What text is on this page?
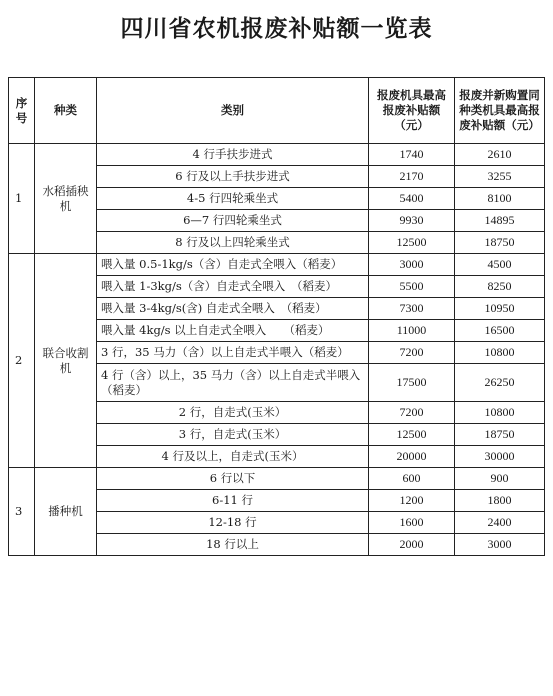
四川省农机报废补贴额一览表
序号	种类	类别	报废机具最高报废补贴额（元）	报废并新购置同种类机具最高报废补贴额（元）
1	水稻插秧机	4 行手扶步进式	1740	2610
		6 行及以上手扶步进式	2170	3255
		4-5 行四轮乘坐式	5400	8100
		6—7 行四轮乘坐式	9930	14895
		8 行及以上四轮乘坐式	12500	18750
2	联合收割机	喂入量 0.5-1kg/s（含）自走式全喂入（稻麦）	3000	4500
		喂入量 1-3kg/s（含）自走式全喂入　（稻麦）	5500	8250
		喂入量 3-4kg/s(含) 自走式全喂入　（稻麦）	7300	10950
		喂入量 4kg/s 以上自走式全喂入　　（稻麦）	11000	16500
		3 行，35 马力（含）以上自走式半喂入（稻麦）	7200	10800
		4 行（含）以上，35 马力（含）以上自走式半喂入（稻麦）	17500	26250
		2 行，自走式(玉米）	7200	10800
		3 行，自走式(玉米）	12500	18750
		4 行及以上，自走式(玉米）	20000	30000
3	播种机	6 行以下	600	900
		6-11 行	1200	1800
		12-18 行	1600	2400
		18 行以上	2000	3000
